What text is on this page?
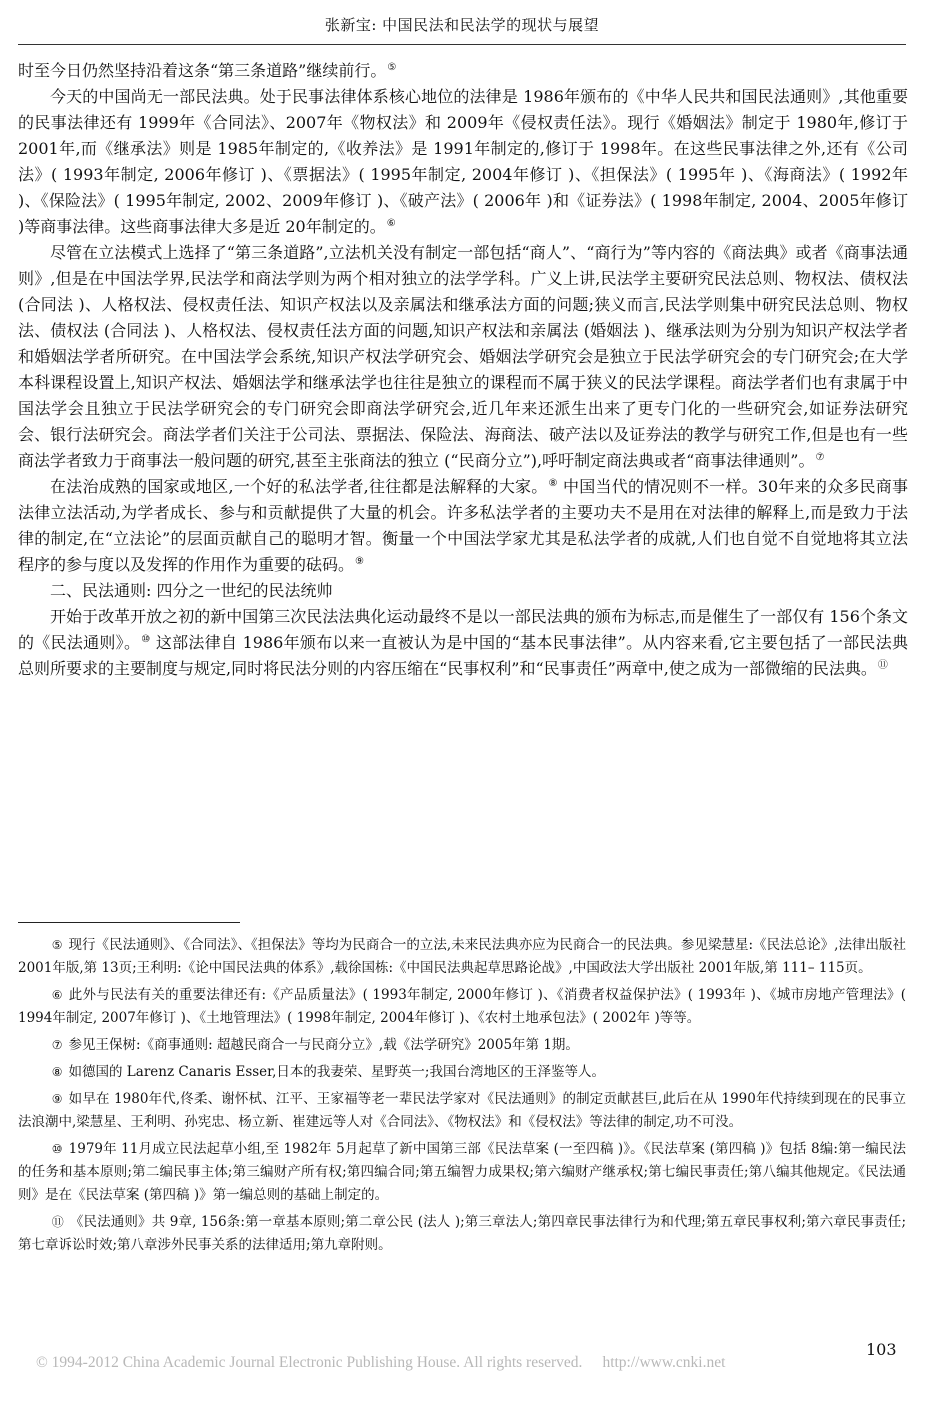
张新宝: 中国民法和民法学的现状与展望

时至今日仍然坚持沿着这条“第三条道路”继续前行。⑤

今天的中国尚无一部民法典。处于民事法律体系核心地位的法律是 1986年颁布的《中华人民共和国民法通则》,其他重要的民事法律还有 1999年《合同法》、2007年《物权法》和 2009年《侵权责任法》。现行《婚姻法》制定于 1980年,修订于 2001年,而《继承法》则是 1985年制定的,《收养法》是 1991年制定的,修订于 1998年。在这些民事法律之外,还有《公司法》( 1993年制定, 2006年修订 )、《票据法》( 1995年制定, 2004年修订 )、《担保法》( 1995年 )、《海商法》( 1992年 )、《保险法》( 1995年制定, 2002、2009年修订 )、《破产法》( 2006年 )和《证券法》( 1998年制定, 2004、2005年修订 )等商事法律。这些商事法律大多是近 20年制定的。⑥

尽管在立法模式上选择了“第三条道路”,立法机关没有制定一部包括“商人”、“商行为”等内容的《商法典》或者《商事法通则》,但是在中国法学界,民法学和商法学则为两个相对独立的法学学科。广义上讲,民法学主要研究民法总则、物权法、债权法 (合同法 )、人格权法、侵权责任法、知识产权法以及亲属法和继承法方面的问题;狭义而言,民法学则集中研究民法总则、物权法、债权法 (合同法 )、人格权法、侵权责任法方面的问题,知识产权法和亲属法 (婚姻法 )、继承法则为分别为知识产权法学者和婚姻法学者所研究。在中国法学会系统,知识产权法学研究会、婚姻法学研究会是独立于民法学研究会的专门研究会;在大学本科课程设置上,知识产权法、婚姻法学和继承法学也往往是独立的课程而不属于狭义的民法学课程。商法学者们也有隶属于中国法学会且独立于民法学研究会的专门研究会即商法学研究会,近几年来还派生出来了更专门化的一些研究会,如证券法研究会、银行法研究会。商法学者们关注于公司法、票据法、保险法、海商法、破产法以及证券法的教学与研究工作,但是也有一些商法学者致力于商事法一般问题的研究,甚至主张商法的独立 (“民商分立”),呼吁制定商法典或者“商事法律通则”。⑦

在法治成熟的国家或地区,一个好的私法学者,往往都是法解释的大家。⑧ 中国当代的情况则不一样。30年来的众多民商事法律立法活动,为学者成长、参与和贡献提供了大量的机会。许多私法学者的主要功夫不是用在对法律的解释上,而是致力于法律的制定,在“立法论”的层面贡献自己的聪明才智。衡量一个中国法学家尤其是私法学者的成就,人们也自觉不自觉地将其立法程序的参与度以及发挥的作用作为重要的砝码。⑨

二、民法通则: 四分之一世纪的民法统帅

开始于改革开放之初的新中国第三次民法法典化运动最终不是以一部民法典的颁布为标志,而是催生了一部仅有 156个条文的《民法通则》。⑩ 这部法律自 1986年颁布以来一直被认为是中国的“基本民事法律”。从内容来看,它主要包括了一部民法典总则所要求的主要制度与规定,同时将民法分则的内容压缩在“民事权利”和“民事责任”两章中,使之成为一部微缩的民法典。⑪

⑤ 现行《民法通则》、《合同法》、《担保法》等均为民商合一的立法,未来民法典亦应为民商合一的民法典。参见梁慧星:《民法总论》,法律出版社 2001年版,第 13页;王利明:《论中国民法典的体系》,载徐国栋:《中国民法典起草思路论战》,中国政法大学出版社 2001年版,第 111– 115页。

⑥ 此外与民法有关的重要法律还有:《产品质量法》( 1993年制定, 2000年修订 )、《消费者权益保护法》( 1993年 )、《城市房地产管理法》( 1994年制定, 2007年修订 )、《土地管理法》( 1998年制定, 2004年修订 )、《农村土地承包法》( 2002年 )等等。

⑦ 参见王保树:《商事通则: 超越民商合一与民商分立》,载《法学研究》2005年第 1期。

⑧ 如德国的 Larenz Canaris Esser,日本的我妻荣、星野英一;我国台湾地区的王泽鉴等人。

⑨ 如早在 1980年代,佟柔、谢怀栻、江平、王家福等老一辈民法学家对《民法通则》的制定贡献甚巨,此后在从 1990年代持续到现在的民事立法浪潮中,梁慧星、王利明、孙宪忠、杨立新、崔建远等人对《合同法》、《物权法》和《侵权法》等法律的制定,功不可没。

⑩ 1979年 11月成立民法起草小组,至 1982年 5月起草了新中国第三部《民法草案 (一至四稿 )》。《民法草案 (第四稿 )》包括 8编:第一编民法的任务和基本原则;第二编民事主体;第三编财产所有权;第四编合同;第五编智力成果权;第六编财产继承权;第七编民事责任;第八编其他规定。《民法通则》是在《民法草案 (第四稿 )》第一编总则的基础上制定的。

⑪ 《民法通则》共 9章, 156条:第一章基本原则;第二章公民 (法人 );第三章法人;第四章民事法律行为和代理;第五章民事权利;第六章民事责任;第七章诉讼时效;第八章涉外民事关系的法律适用;第九章附则。

103
© 1994-2012 China Academic Journal Electronic Publishing House. All rights reserved. http://www.cnki.net
